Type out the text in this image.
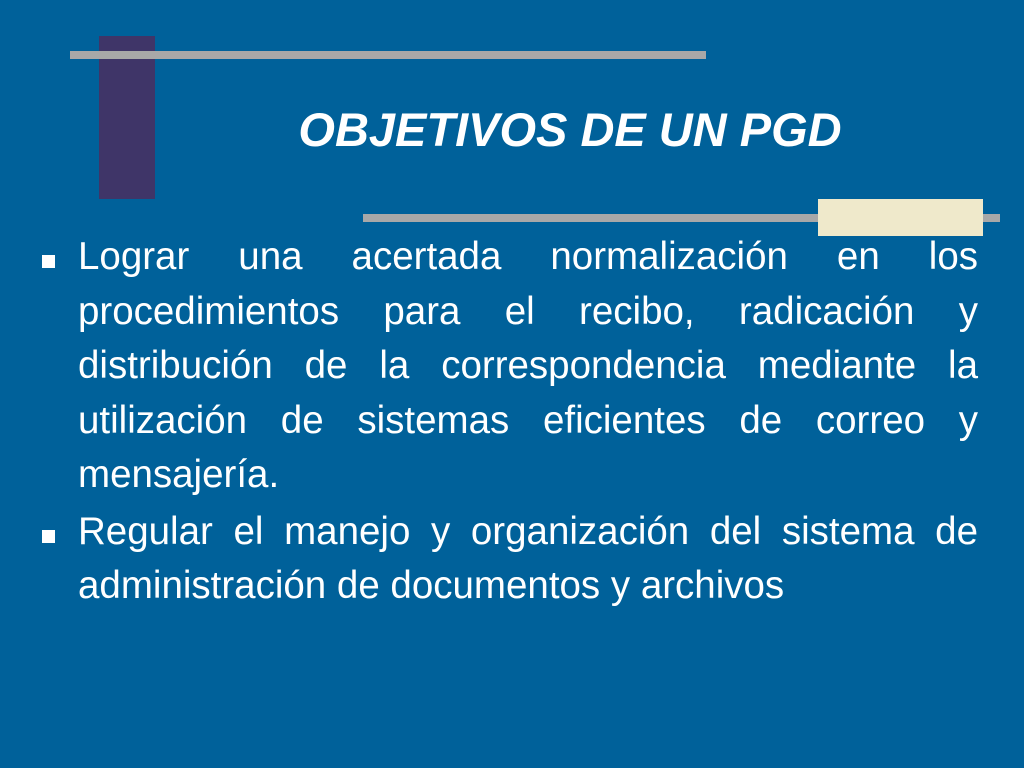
OBJETIVOS DE UN PGD
Lograr una acertada normalización en los procedimientos para el recibo, radicación y distribución de la correspondencia mediante la utilización de sistemas eficientes de correo y mensajería.
Regular el manejo y organización del sistema de administración de documentos y archivos
